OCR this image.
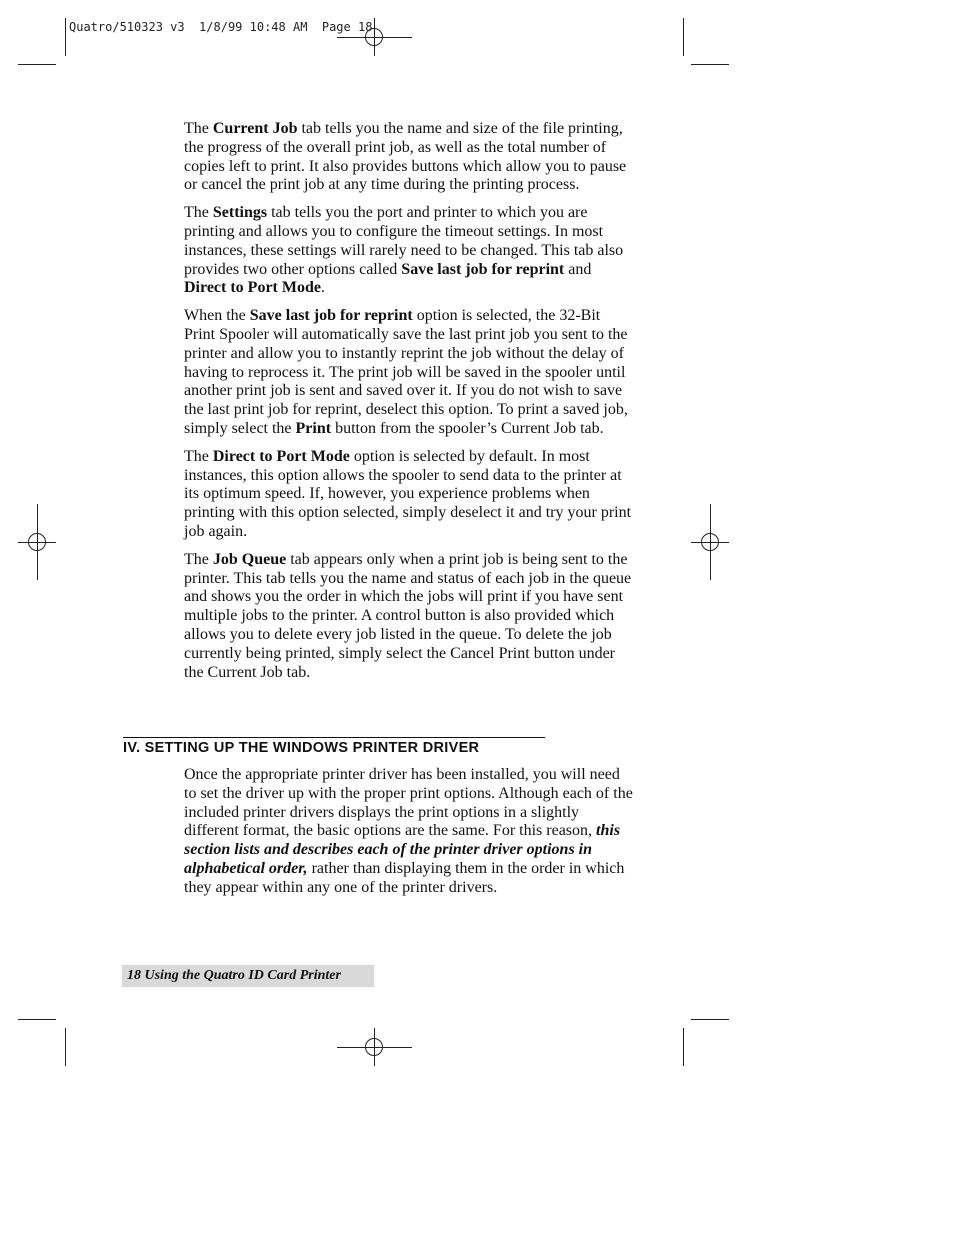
Quatro/510323 v3  1/8/99 10:48 AM  Page 18

The Current Job tab tells you the name and size of the file printing, the progress of the overall print job, as well as the total number of copies left to print. It also provides buttons which allow you to pause or cancel the print job at any time during the printing process.

The Settings tab tells you the port and printer to which you are printing and allows you to configure the timeout settings. In most instances, these settings will rarely need to be changed. This tab also provides two other options called Save last job for reprint and Direct to Port Mode.

When the Save last job for reprint option is selected, the 32-Bit Print Spooler will automatically save the last print job you sent to the printer and allow you to instantly reprint the job without the delay of having to reprocess it. The print job will be saved in the spooler until another print job is sent and saved over it. If you do not wish to save the last print job for reprint, deselect this option. To print a saved job, simply select the Print button from the spooler’s Current Job tab.

The Direct to Port Mode option is selected by default. In most instances, this option allows the spooler to send data to the printer at its optimum speed. If, however, you experience problems when printing with this option selected, simply deselect it and try your print job again.

The Job Queue tab appears only when a print job is being sent to the printer. This tab tells you the name and status of each job in the queue and shows you the order in which the jobs will print if you have sent multiple jobs to the printer. A control button is also provided which allows you to delete every job listed in the queue. To delete the job currently being printed, simply select the Cancel Print button under the Current Job tab.

IV. SETTING UP THE WINDOWS PRINTER DRIVER

Once the appropriate printer driver has been installed, you will need to set the driver up with the proper print options. Although each of the included printer drivers displays the print options in a slightly different format, the basic options are the same. For this reason, this section lists and describes each of the printer driver options in alphabetical order, rather than displaying them in the order in which they appear within any one of the printer drivers.

18 Using the Quatro ID Card Printer
